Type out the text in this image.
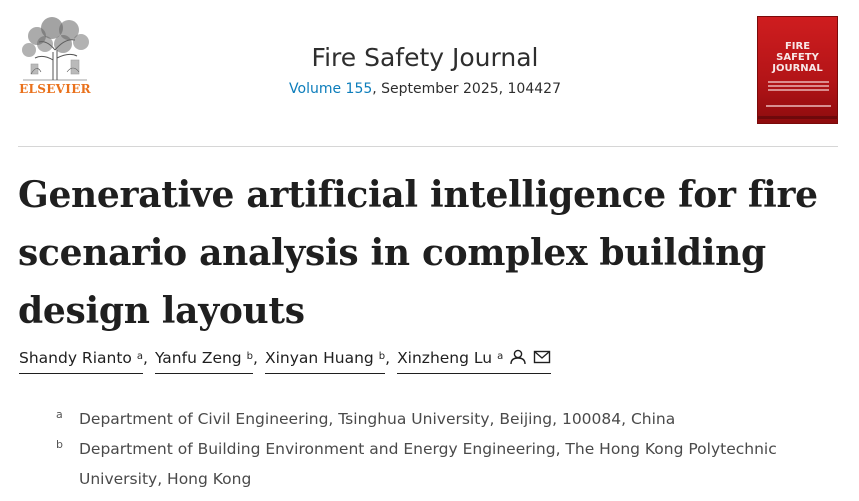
ELSEVIER
Fire Safety Journal
Volume 155, September 2025, 104427
FIRE
SAFETY
JOURNAL
Generative artificial intelligence for fire scenario analysis in complex building design layouts
Shandy Rianto $^a$ , Yanfu Zeng $^b$ , Xinyan Huang $^b$ , Xinzheng Lu $^a$
a	Department of Civil Engineering, Tsinghua University, Beijing, 100084, China
b	Department of Building Environment and Energy Engineering, The Hong Kong Polytechnic University, Hong Kong
